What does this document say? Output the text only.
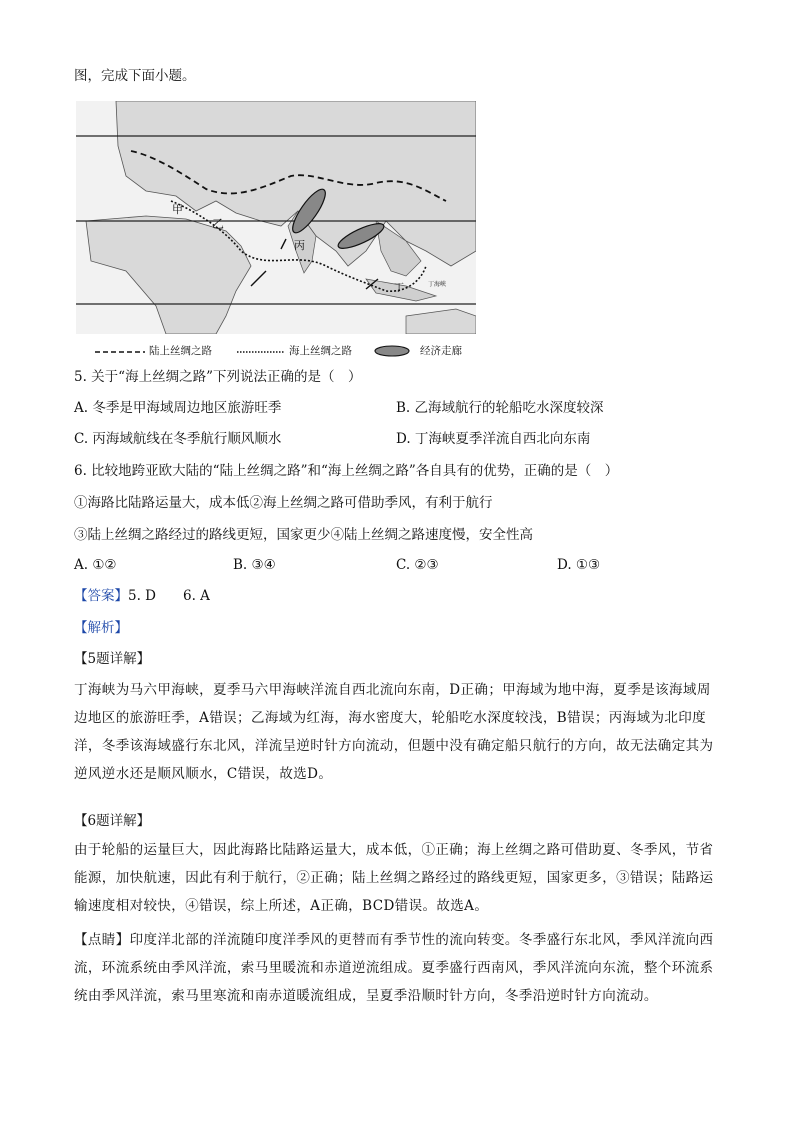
图，完成下面小题。
甲
乙
丙
丁	丁海峡
陆上丝绸之路	海上丝绸之路	经济走廊
5. 关于“海上丝绸之路”下列说法正确的是（　）
A. 冬季是甲海域周边地区旅游旺季	B. 乙海域航行的轮船吃水深度较深
C. 丙海域航线在冬季航行顺风顺水	D. 丁海峡夏季洋流自西北向东南
6. 比较地跨亚欧大陆的“陆上丝绸之路”和“海上丝绸之路”各自具有的优势，正确的是（　）
①海路比陆路运量大，成本低②海上丝绸之路可借助季风，有利于航行
③陆上丝绸之路经过的路线更短，国家更少④陆上丝绸之路速度慢，安全性高
A. ①②	B. ③④	C. ②③	D. ①③
【答案】5. D　　6. A
【解析】
【5题详解】
丁海峡为马六甲海峡，夏季马六甲海峡洋流自西北流向东南，D正确；甲海域为地中海，夏季是该海域周边地区的旅游旺季，A错误；乙海域为红海，海水密度大，轮船吃水深度较浅，B错误；丙海域为北印度洋，冬季该海域盛行东北风，洋流呈逆时针方向流动，但题中没有确定船只航行的方向，故无法确定其为逆风逆水还是顺风顺水，C错误，故选D。
【6题详解】
由于轮船的运量巨大，因此海路比陆路运量大，成本低，①正确；海上丝绸之路可借助夏、冬季风，节省能源，加快航速，因此有利于航行，②正确；陆上丝绸之路经过的路线更短，国家更多，③错误；陆路运输速度相对较快，④错误，综上所述，A正确，BCD错误。故选A。
【点睛】印度洋北部的洋流随印度洋季风的更替而有季节性的流向转变。冬季盛行东北风，季风洋流向西流，环流系统由季风洋流，索马里暖流和赤道逆流组成。夏季盛行西南风，季风洋流向东流，整个环流系统由季风洋流，索马里寒流和南赤道暖流组成，呈夏季沿顺时针方向，冬季沿逆时针方向流动。
